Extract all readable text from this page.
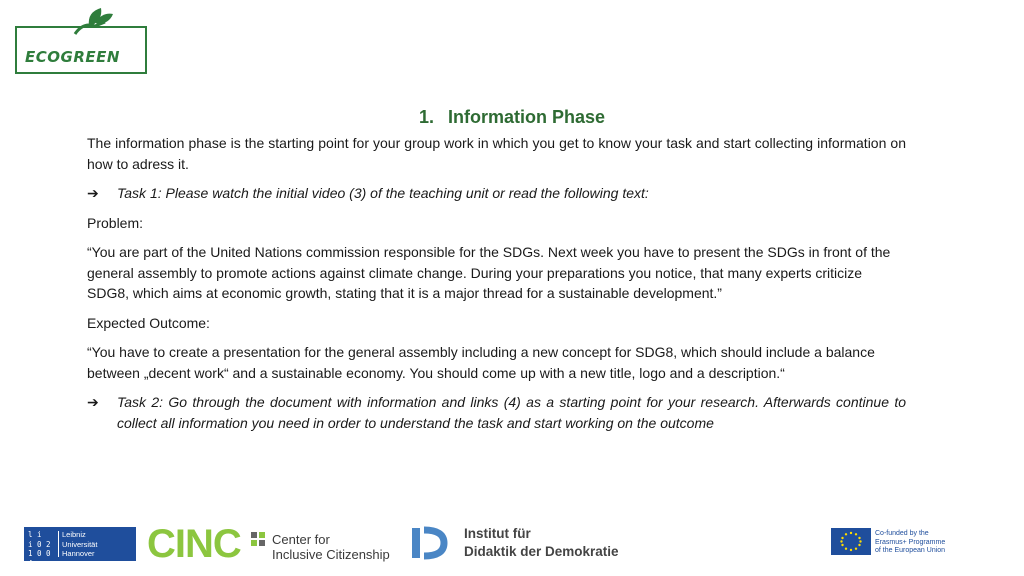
ECOGREEN
1. Information Phase

The information phase is the starting point for your group work in which you get to know your task and start collecting information on how to adress it.

➔	Task 1: Please watch the initial video (3) of the teaching unit or read the following text:

Problem:

“You are part of the United Nations commission responsible for the SDGs. Next week you have to present the SDGs in front of the general assembly to promote actions against climate change. During your preparations you notice, that many experts criticize SDG8, which aims at economic growth, stating that it is a major thread for a sustainable development.”

Expected Outcome:

“You have to create a presentation for the general assembly including a new concept for SDG8, which should include a balance between „decent work“ and a sustainable economy. You should come up with a new title, logo and a description.“

➔	Task 2: Go through the document with information and links (4) as a starting point for your research. Afterwards continue to collect all information you need in order to understand the task and start working on the outcome
l i
i 0 2
1 0 0 4
Leibniz
Universität
Hannover CINC Center for
Inclusive Citizenship
Institut für
Didaktik der Demokratie
Co-funded by the
Erasmus+ Programme
of the European Union
